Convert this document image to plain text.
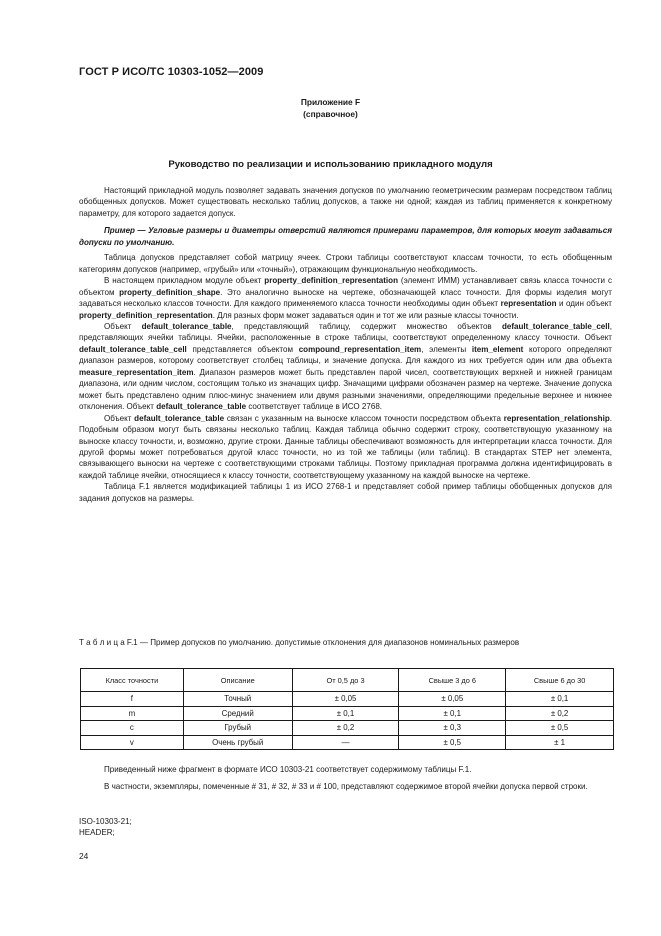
ГОСТ Р ИСО/ТС 10303-1052—2009
Приложение F
(справочное)
Руководство по реализации и использованию прикладного модуля

Настоящий прикладной модуль позволяет задавать значения допусков по умолчанию геометрическим размерам посредством таблиц обобщенных допусков. Может существовать несколько таблиц допусков, а также ни одной; каждая из таблиц применяется к конкретному параметру, для которого задается допуск.

Пример — Угловые размеры и диаметры отверстий являются примерами параметров, для которых могут задаваться допуски по умолчанию.

Таблица допусков представляет собой матрицу ячеек. Строки таблицы соответствуют классам точности, то есть обобщенным категориям допусков (например, «грубый» или «точный»), отражающим функциональную необходимость.

В настоящем прикладном модуле объект property_definition_representation (элемент ИММ) устанавливает связь класса точности с объектом property_definition_shape. Это аналогично выноске на чертеже, обозначающей класс точности. Для формы изделия могут задаваться несколько классов точности. Для каждого применяемого класса точности необходимы один объект representation и один объект property_definition_representation. Для разных форм может задаваться один и тот же или разные классы точности.

Объект default_tolerance_table, представляющий таблицу, содержит множество объектов default_tolerance_table_cell, представляющих ячейки таблицы. Ячейки, расположенные в строке таблицы, соответствуют определенному классу точности. Объект default_tolerance_table_cell представляется объектом compound_representation_item, элементы item_element которого определяют диапазон размеров, которому соответствует столбец таблицы, и значение допуска. Для каждого из них требуется один или два объекта measure_representation_item. Диапазон размеров может быть представлен парой чисел, соответствующих верхней и нижней границам диапазона, или одним числом, состоящим только из значащих цифр. Значащими цифрами обозначен размер на чертеже. Значение допуска может быть представлено одним плюс-минус значением или двумя разными значениями, определяющими предельные верхнее и нижнее отклонения. Объект default_tolerance_table соответствует таблице в ИСО 2768.

Объект default_tolerance_table связан с указанным на выноске классом точности посредством объекта representation_relationship. Подобным образом могут быть связаны несколько таблиц. Каждая таблица обычно содержит строку, соответствующую указанному на выноске классу точности, и, возможно, другие строки. Данные таблицы обеспечивают возможность для интерпретации класса точности. Для другой формы может потребоваться другой класс точности, но из той же таблицы (или таблиц). В стандартах STEP нет элемента, связывающего выноски на чертеже с соответствующими строками таблицы. Поэтому прикладная программа должна идентифицировать в каждой таблице ячейки, относящиеся к классу точности, соответствующему указанному на каждой выноске на чертеже.

Таблица F.1 является модификацией таблицы 1 из ИСО 2768-1 и представляет собой пример таблицы обобщенных допусков для задания допусков на размеры.

Т а б л и ц а F.1 — Пример допусков по умолчанию. допустимые отклонения для диапазонов номинальных размеров
Класс точности	Описание	От 0,5 до 3	Свыше 3 до 6	Свыше 6 до 30
f	Точный	± 0,05	± 0,05	± 0,1
m	Средний	± 0,1	± 0,1	± 0,2
c	Грубый	± 0,2	± 0,3	± 0,5
v	Очень грубый	—	± 0,5	± 1

Приведенный ниже фрагмент в формате ИСО 10303-21 соответствует содержимому таблицы F.1.

В частности, экземпляры, помеченные # 31, # 32, # 33 и # 100, представляют содержимое второй ячейки допуска первой строки.

ISO-10303-21;
HEADER;
24
